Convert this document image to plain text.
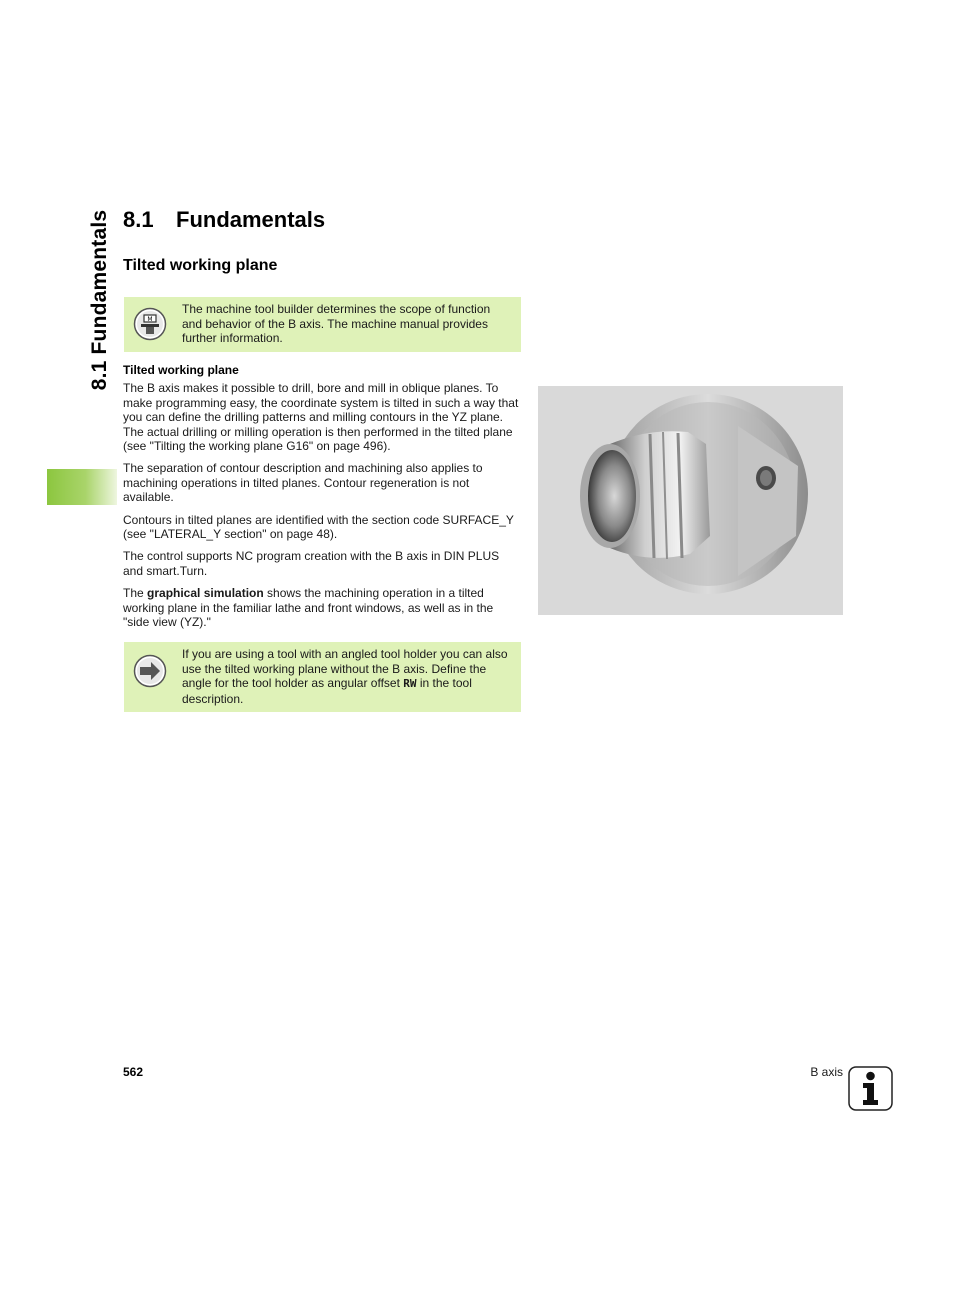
8.1 Fundamentals 8.1 Fundamentals
Tilted working plane
M
The machine tool builder determines the scope of function and behavior of the B axis. The machine manual provides further information.
Tilted working plane

The B axis makes it possible to drill, bore and mill in oblique planes. To make programming easy, the coordinate system is tilted in such a way that you can define the drilling patterns and milling contours in the YZ plane. The actual drilling or milling operation is then performed in the tilted plane (see "Tilting the working plane G16" on page 496).

The separation of contour description and machining also applies to machining operations in tilted planes. Contour regeneration is not available.

Contours in tilted planes are identified with the section code SURFACE_Y (see "LATERAL_Y section" on page 48).

The control supports NC program creation with the B axis in DIN PLUS and smart.Turn.

The graphical simulation shows the machining operation in a tilted working plane in the familiar lathe and front windows, as well as in the "side view (YZ)."

If you are using a tool with an angled tool holder you can also use the tilted working plane without the B axis. Define the angle for the tool holder as angular offset RW in the tool description.
562	B axis
